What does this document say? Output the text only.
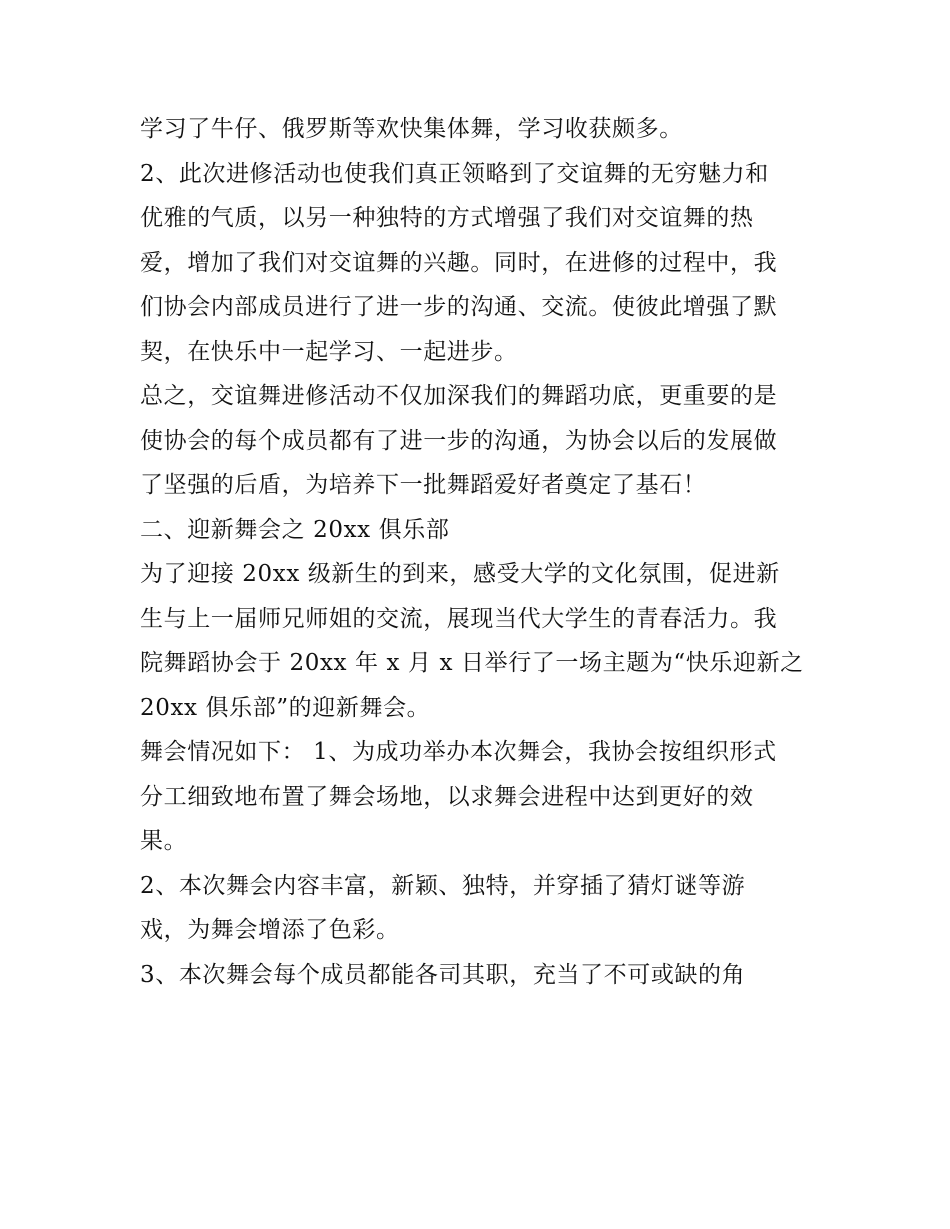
学习了牛仔、俄罗斯等欢快集体舞，学习收获颇多。
2、此次进修活动也使我们真正领略到了交谊舞的无穷魅力和
优雅的气质，以另一种独特的方式增强了我们对交谊舞的热
爱，增加了我们对交谊舞的兴趣。同时，在进修的过程中，我
们协会内部成员进行了进一步的沟通、交流。使彼此增强了默
契，在快乐中一起学习、一起进步。
总之，交谊舞进修活动不仅加深我们的舞蹈功底，更重要的是
使协会的每个成员都有了进一步的沟通，为协会以后的发展做
了坚强的后盾，为培养下一批舞蹈爱好者奠定了基石！
二、迎新舞会之 20xx 俱乐部
为了迎接 20xx 级新生的到来，感受大学的文化氛围，促进新
生与上一届师兄师姐的交流，展现当代大学生的青春活力。我
院舞蹈协会于 20xx 年 x 月 x 日举行了一场主题为“快乐迎新之
20xx 俱乐部”的迎新舞会。
舞会情况如下： 1、为成功举办本次舞会，我协会按组织形式
分工细致地布置了舞会场地，以求舞会进程中达到更好的效
果。
2、本次舞会内容丰富，新颖、独特，并穿插了猜灯谜等游
戏，为舞会增添了色彩。
3、本次舞会每个成员都能各司其职，充当了不可或缺的角
